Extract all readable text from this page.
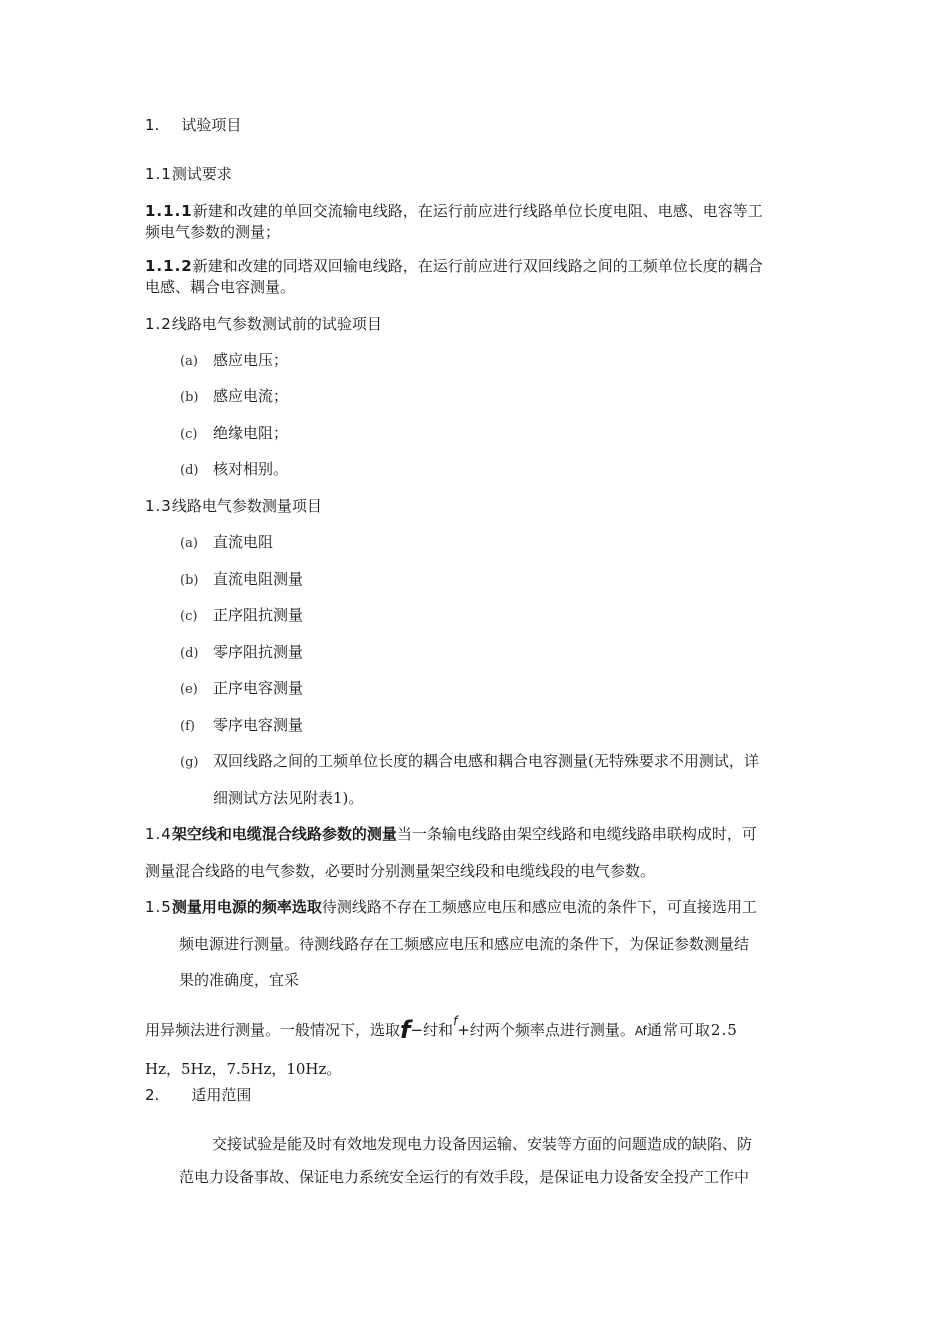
1. 试验项目
1.1测试要求
1.1.1新建和改建的单回交流输电线路，在运行前应进行线路单位长度电阻、电感、电容等工
频电气参数的测量；
1.1.2新建和改建的同塔双回输电线路，在运行前应进行双回线路之间的工频单位长度的耦合
电感、耦合电容测量。
1.2线路电气参数测试前的试验项目
(a) 感应电压；
(b) 感应电流；
(c) 绝缘电阻；
(d) 核对相别。
1.3线路电气参数测量项目
(a) 直流电阻
(b) 直流电阻测量
(c) 正序阻抗测量
(d) 零序阻抗测量
(e) 正序电容测量
(f) 零序电容测量
(g) 双回线路之间的工频单位长度的耦合电感和耦合电容测量(无特殊要求不用测试，详
细测试方法见附表1)。
1.4架空线和电缆混合线路参数的测量当一条输电线路由架空线路和电缆线路串联构成时，可
测量混合线路的电气参数，必要时分别测量架空线段和电缆线段的电气参数。
1.5测量用电源的频率选取待测线路不存在工频感应电压和感应电流的条件下，可直接选用工
频电源进行测量。待测线路存在工频感应电压和感应电流的条件下，为保证参数测量结
果的准确度，宜采
用异频法进行测量。一般情况下，选取f−纣和$^f$+纣两个频率点进行测量。Af通常可取2.5
Hz，5Hz，7.5Hz，10Hz。
2. 适用范围
交接试验是能及时有效地发现电力设备因运输、安装等方面的问题造成的缺陷、防
范电力设备事故、保证电力系统安全运行的有效手段，是保证电力设备安全投产工作中
